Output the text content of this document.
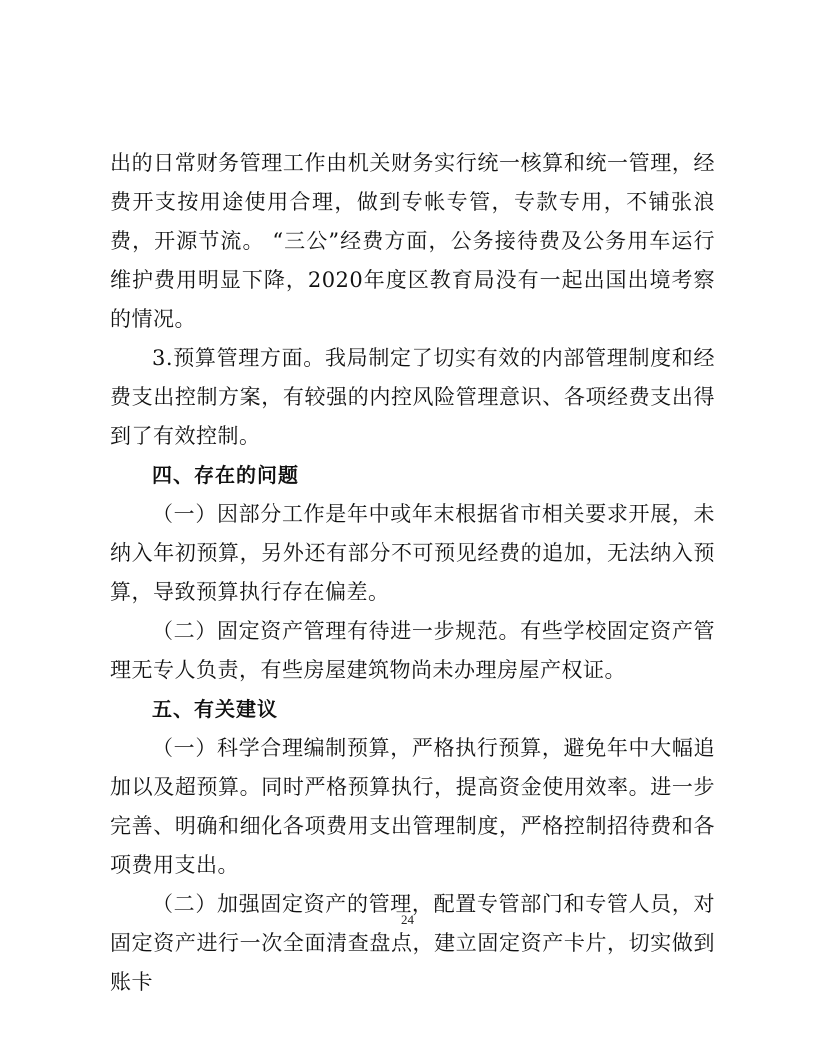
出的日常财务管理工作由机关财务实行统一核算和统一管理，经费开支按用途使用合理，做到专帐专管，专款专用，不铺张浪费，开源节流。 “三公”经费方面，公务接待费及公务用车运行维护费用明显下降，2020年度区教育局没有一起出国出境考察的情况。

3.预算管理方面。我局制定了切实有效的内部管理制度和经费支出控制方案，有较强的内控风险管理意识、各项经费支出得到了有效控制。

四、存在的问题

（一）因部分工作是年中或年末根据省市相关要求开展，未纳入年初预算，另外还有部分不可预见经费的追加，无法纳入预算，导致预算执行存在偏差。

（二）固定资产管理有待进一步规范。有些学校固定资产管理无专人负责，有些房屋建筑物尚未办理房屋产权证。

五、有关建议

（一）科学合理编制预算，严格执行预算，避免年中大幅追加以及超预算。同时严格预算执行，提高资金使用效率。进一步完善、明确和细化各项费用支出管理制度，严格控制招待费和各项费用支出。

（二）加强固定资产的管理，配置专管部门和专管人员，对固定资产进行一次全面清查盘点，建立固定资产卡片，切实做到账卡

24
